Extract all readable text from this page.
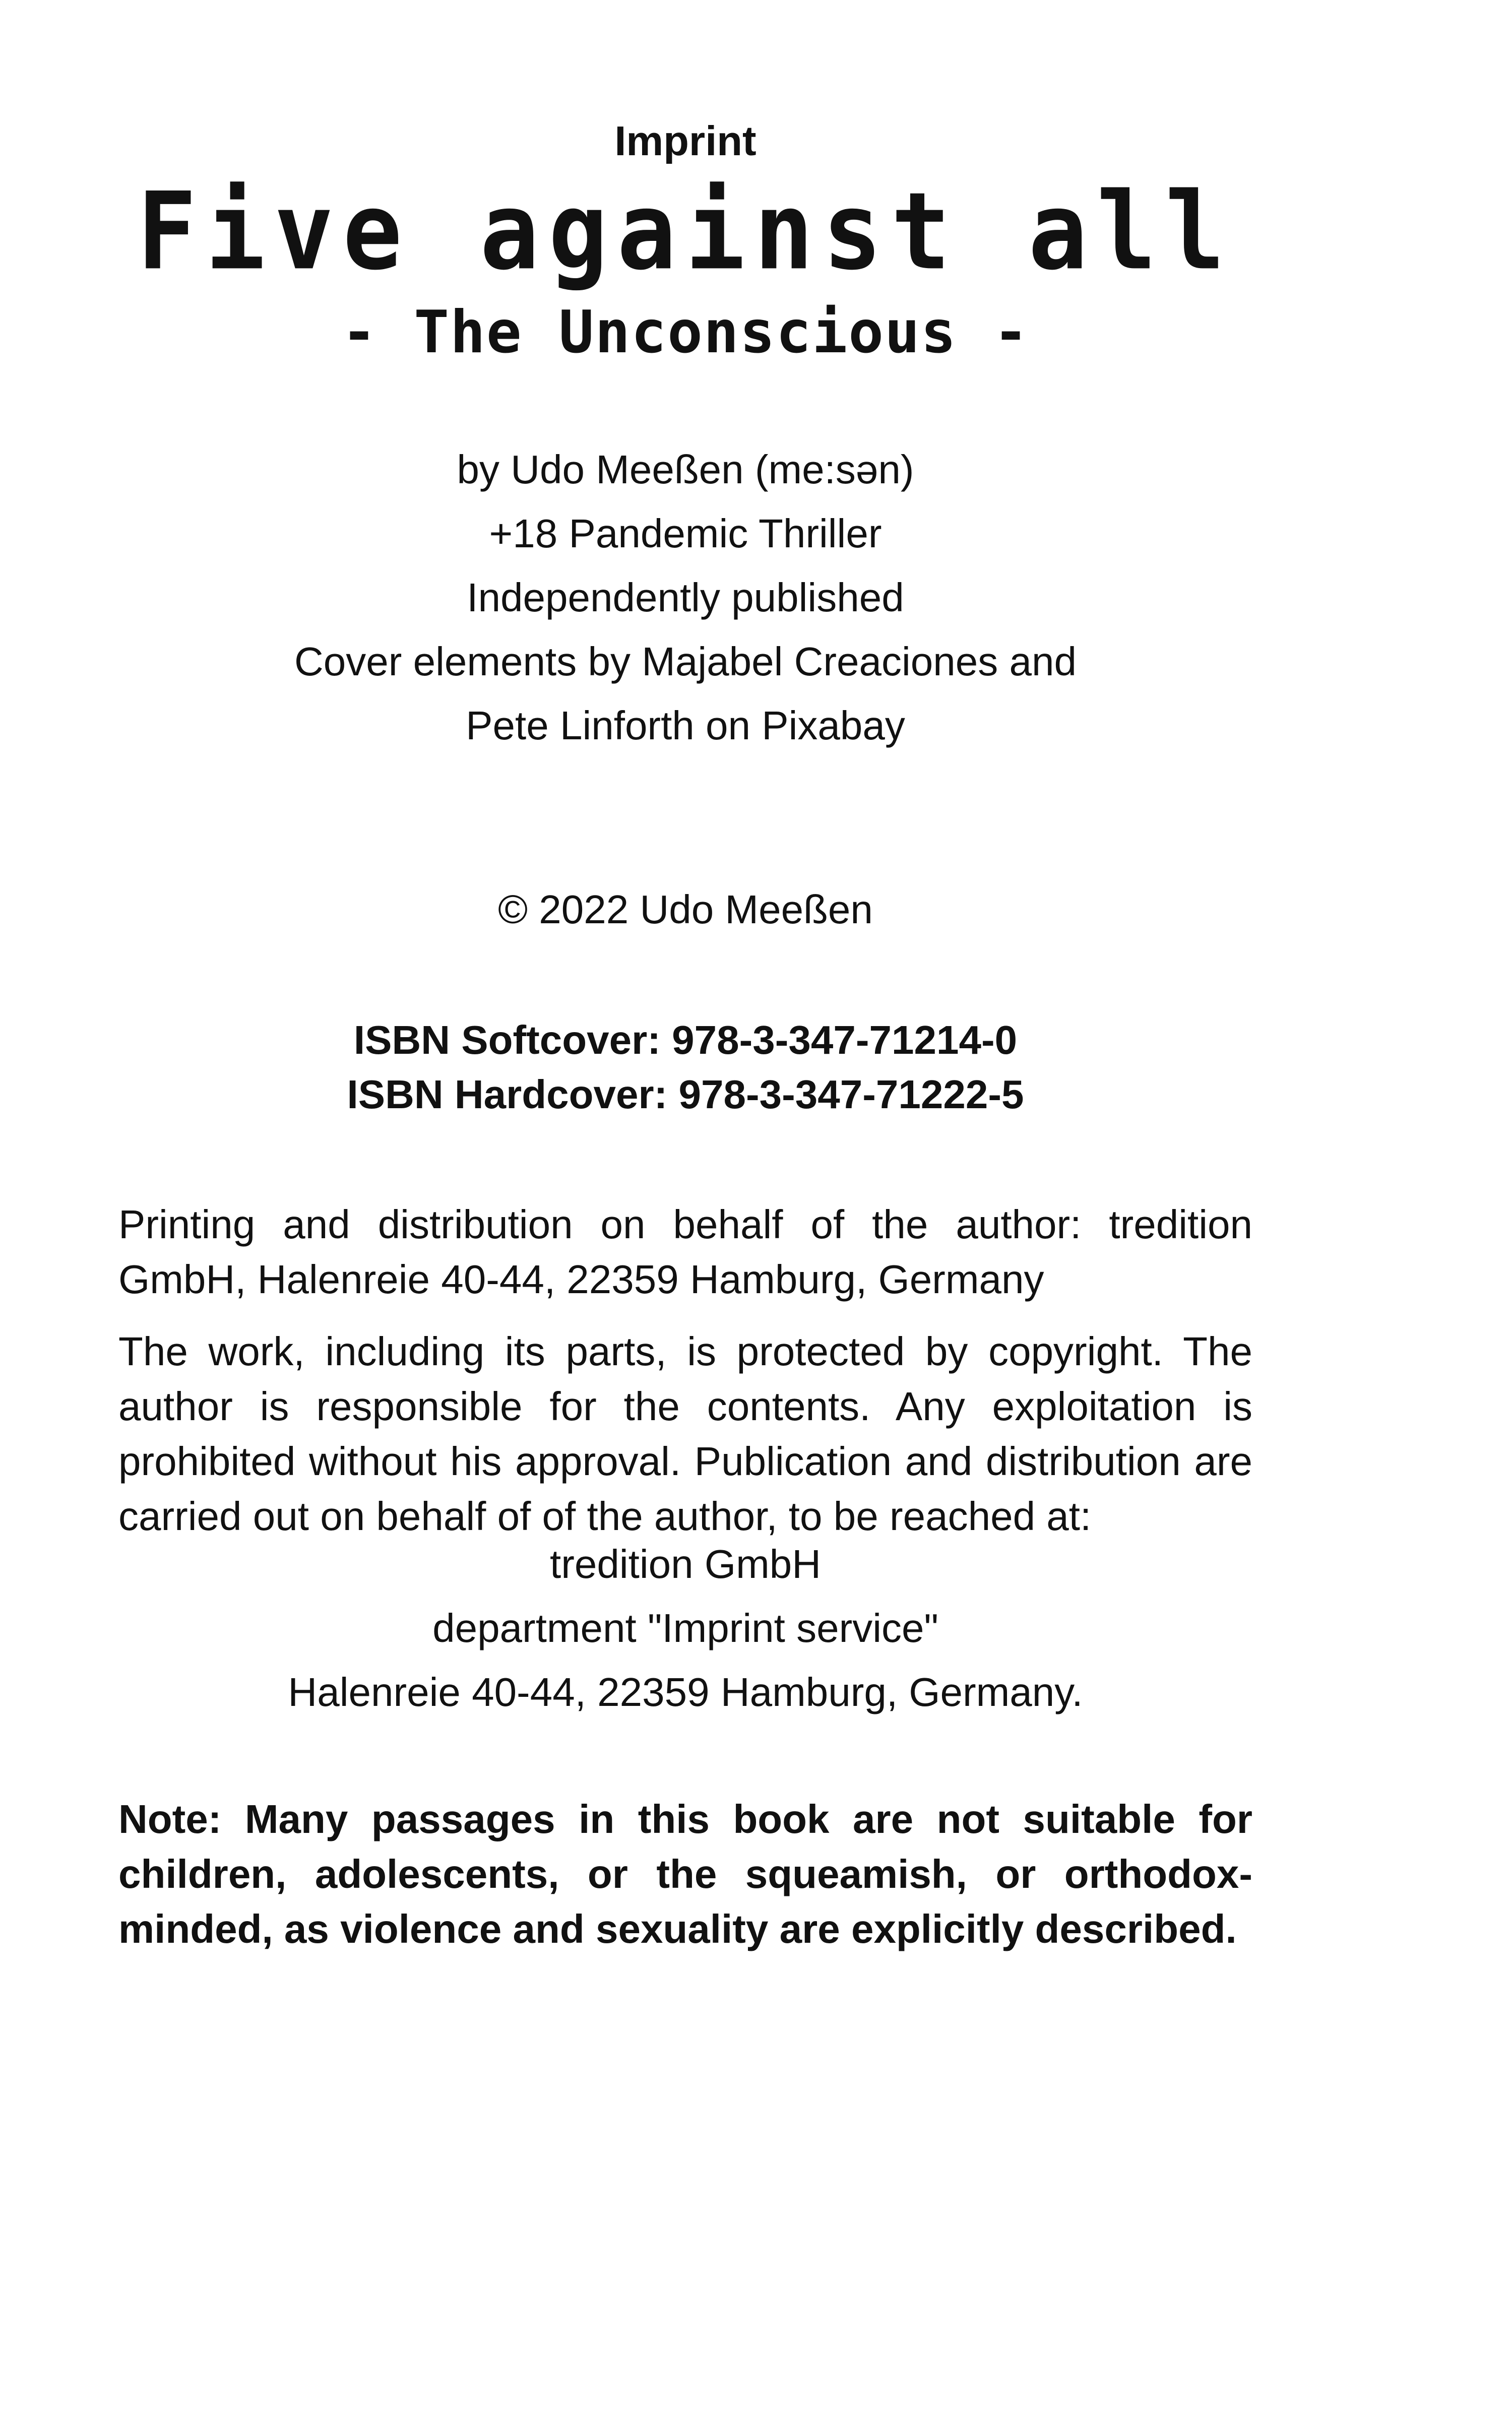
Imprint
Five against all
- The Unconscious -
by Udo Meeßen (me:sən)
+18 Pandemic Thriller
Independently published
Cover elements by Majabel Creaciones and
Pete Linforth on Pixabay
© 2022 Udo Meeßen
ISBN Softcover: 978-3-347-71214-0
ISBN Hardcover: 978-3-347-71222-5
Printing and distribution on behalf of the author: tredition GmbH, Halenreie 40-44, 22359 Hamburg, Germany
The work, including its parts, is protected by copyright. The author is responsible for the contents. Any exploitation is prohibited without his approval. Publication and distribution are carried out on behalf of of the author, to be reached at:
tredition GmbH
department "Imprint service"
Halenreie 40-44, 22359 Hamburg, Germany.
Note: Many passages in this book are not suitable for children, adolescents, or the squeamish, or orthodox-minded, as violence and sexuality are explicitly described.
